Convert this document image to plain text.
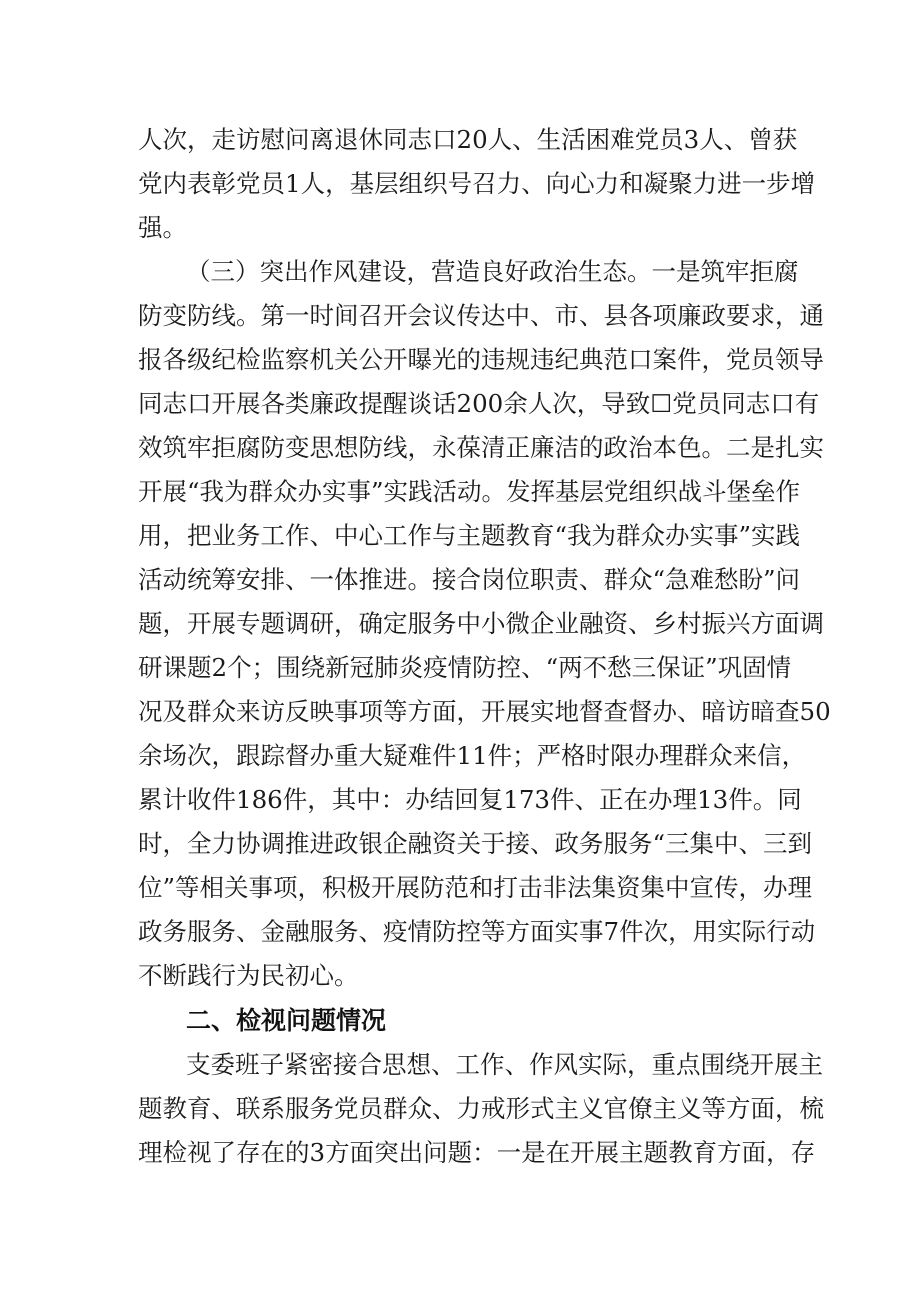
人次，走访慰问离退休同志口20人、生活困难党员3人、曾获
党内表彰党员1人，基层组织号召力、向心力和凝聚力进一步增
强。
（三）突出作风建设，营造良好政治生态。一是筑牢拒腐
防变防线。第一时间召开会议传达中、市、县各项廉政要求，通
报各级纪检监察机关公开曝光的违规违纪典范口案件，党员领导
同志口开展各类廉政提醒谈话200余人次，导致☐党员同志口有
效筑牢拒腐防变思想防线，永葆清正廉洁的政治本色。二是扎实
开展“我为群众办实事”实践活动。发挥基层党组织战斗堡垒作
用，把业务工作、中心工作与主题教育“我为群众办实事”实践
活动统筹安排、一体推进。接合岗位职责、群众“急难愁盼”问
题，开展专题调研，确定服务中小微企业融资、乡村振兴方面调
研课题2个；围绕新冠肺炎疫情防控、“两不愁三保证”巩固情
况及群众来访反映事项等方面，开展实地督查督办、暗访暗查50
余场次，跟踪督办重大疑难件11件；严格时限办理群众来信，
累计收件186件，其中：办结回复173件、正在办理13件。同
时，全力协调推进政银企融资关于接、政务服务“三集中、三到
位”等相关事项，积极开展防范和打击非法集资集中宣传，办理
政务服务、金融服务、疫情防控等方面实事7件次，用实际行动
不断践行为民初心。
二、检视问题情况
支委班子紧密接合思想、工作、作风实际，重点围绕开展主
题教育、联系服务党员群众、力戒形式主义官僚主义等方面，梳
理检视了存在的3方面突出问题：一是在开展主题教育方面，存
